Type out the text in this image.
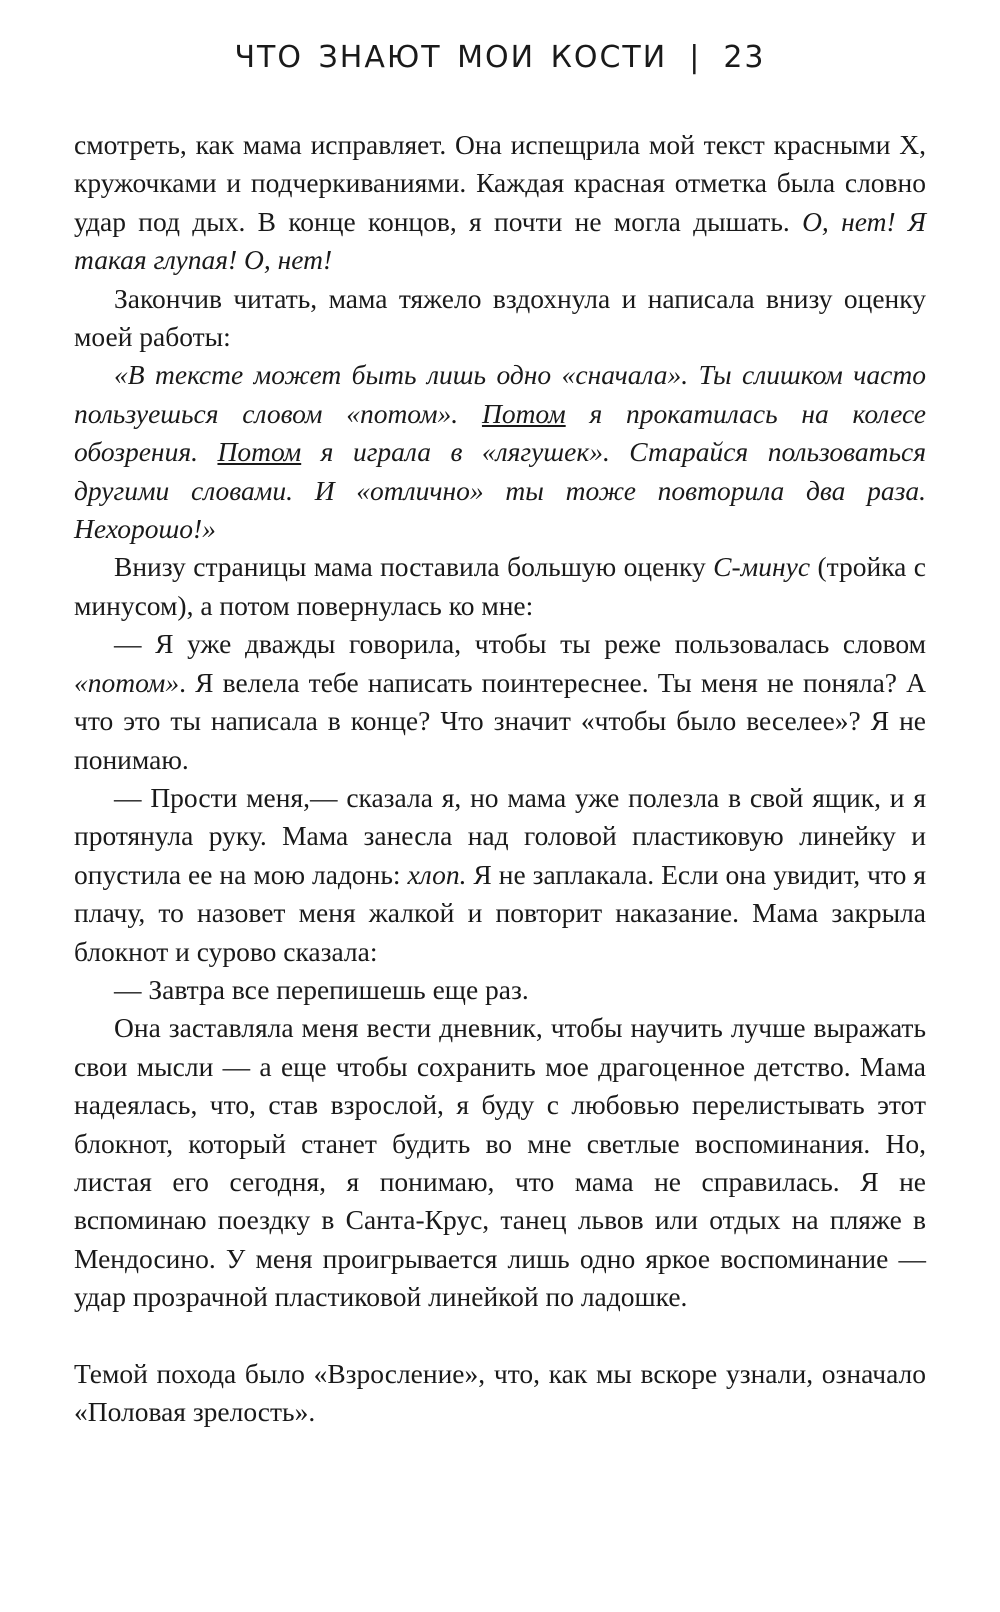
ЧТО ЗНАЮТ МОИ КОСТИ | 23

смотреть, как мама исправляет. Она испещрила мой текст красными Х, кружочками и подчеркиваниями. Каждая красная отметка была словно удар под дых. В конце концов, я почти не могла дышать. О, нет! Я такая глупая! О, нет!

Закончив читать, мама тяжело вздохнула и написала внизу оценку моей работы:

«В тексте может быть лишь одно «сначала». Ты слишком часто пользуешься словом «потом». Потом я прокатилась на колесе обозрения. Потом я играла в «лягушек». Старайся пользоваться другими словами. И «отлично» ты тоже повторила два раза. Нехорошо!»

Внизу страницы мама поставила большую оценку С-минус (тройка с минусом), а потом повернулась ко мне:

— Я уже дважды говорила, чтобы ты реже пользовалась словом «потом». Я велела тебе написать поинтереснее. Ты меня не поняла? А что это ты написала в конце? Что значит «чтобы было веселее»? Я не понимаю.

— Прости меня,— сказала я, но мама уже полезла в свой ящик, и я протянула руку. Мама занесла над головой пластиковую линейку и опустила ее на мою ладонь: хлоп. Я не заплакала. Если она увидит, что я плачу, то назовет меня жалкой и повторит наказание. Мама закрыла блокнот и сурово сказала:

— Завтра все перепишешь еще раз.

Она заставляла меня вести дневник, чтобы научить лучше выражать свои мысли — а еще чтобы сохранить мое драгоценное детство. Мама надеялась, что, став взрослой, я буду с любовью перелистывать этот блокнот, который станет будить во мне светлые воспоминания. Но, листая его сегодня, я понимаю, что мама не справилась. Я не вспоминаю поездку в Санта-Крус, танец львов или отдых на пляже в Мендосино. У меня проигрывается лишь одно яркое воспоминание — удар прозрачной пластиковой линейкой по ладошке.

Темой похода было «Взросление», что, как мы вскоре узнали, означало «Половая зрелость».
